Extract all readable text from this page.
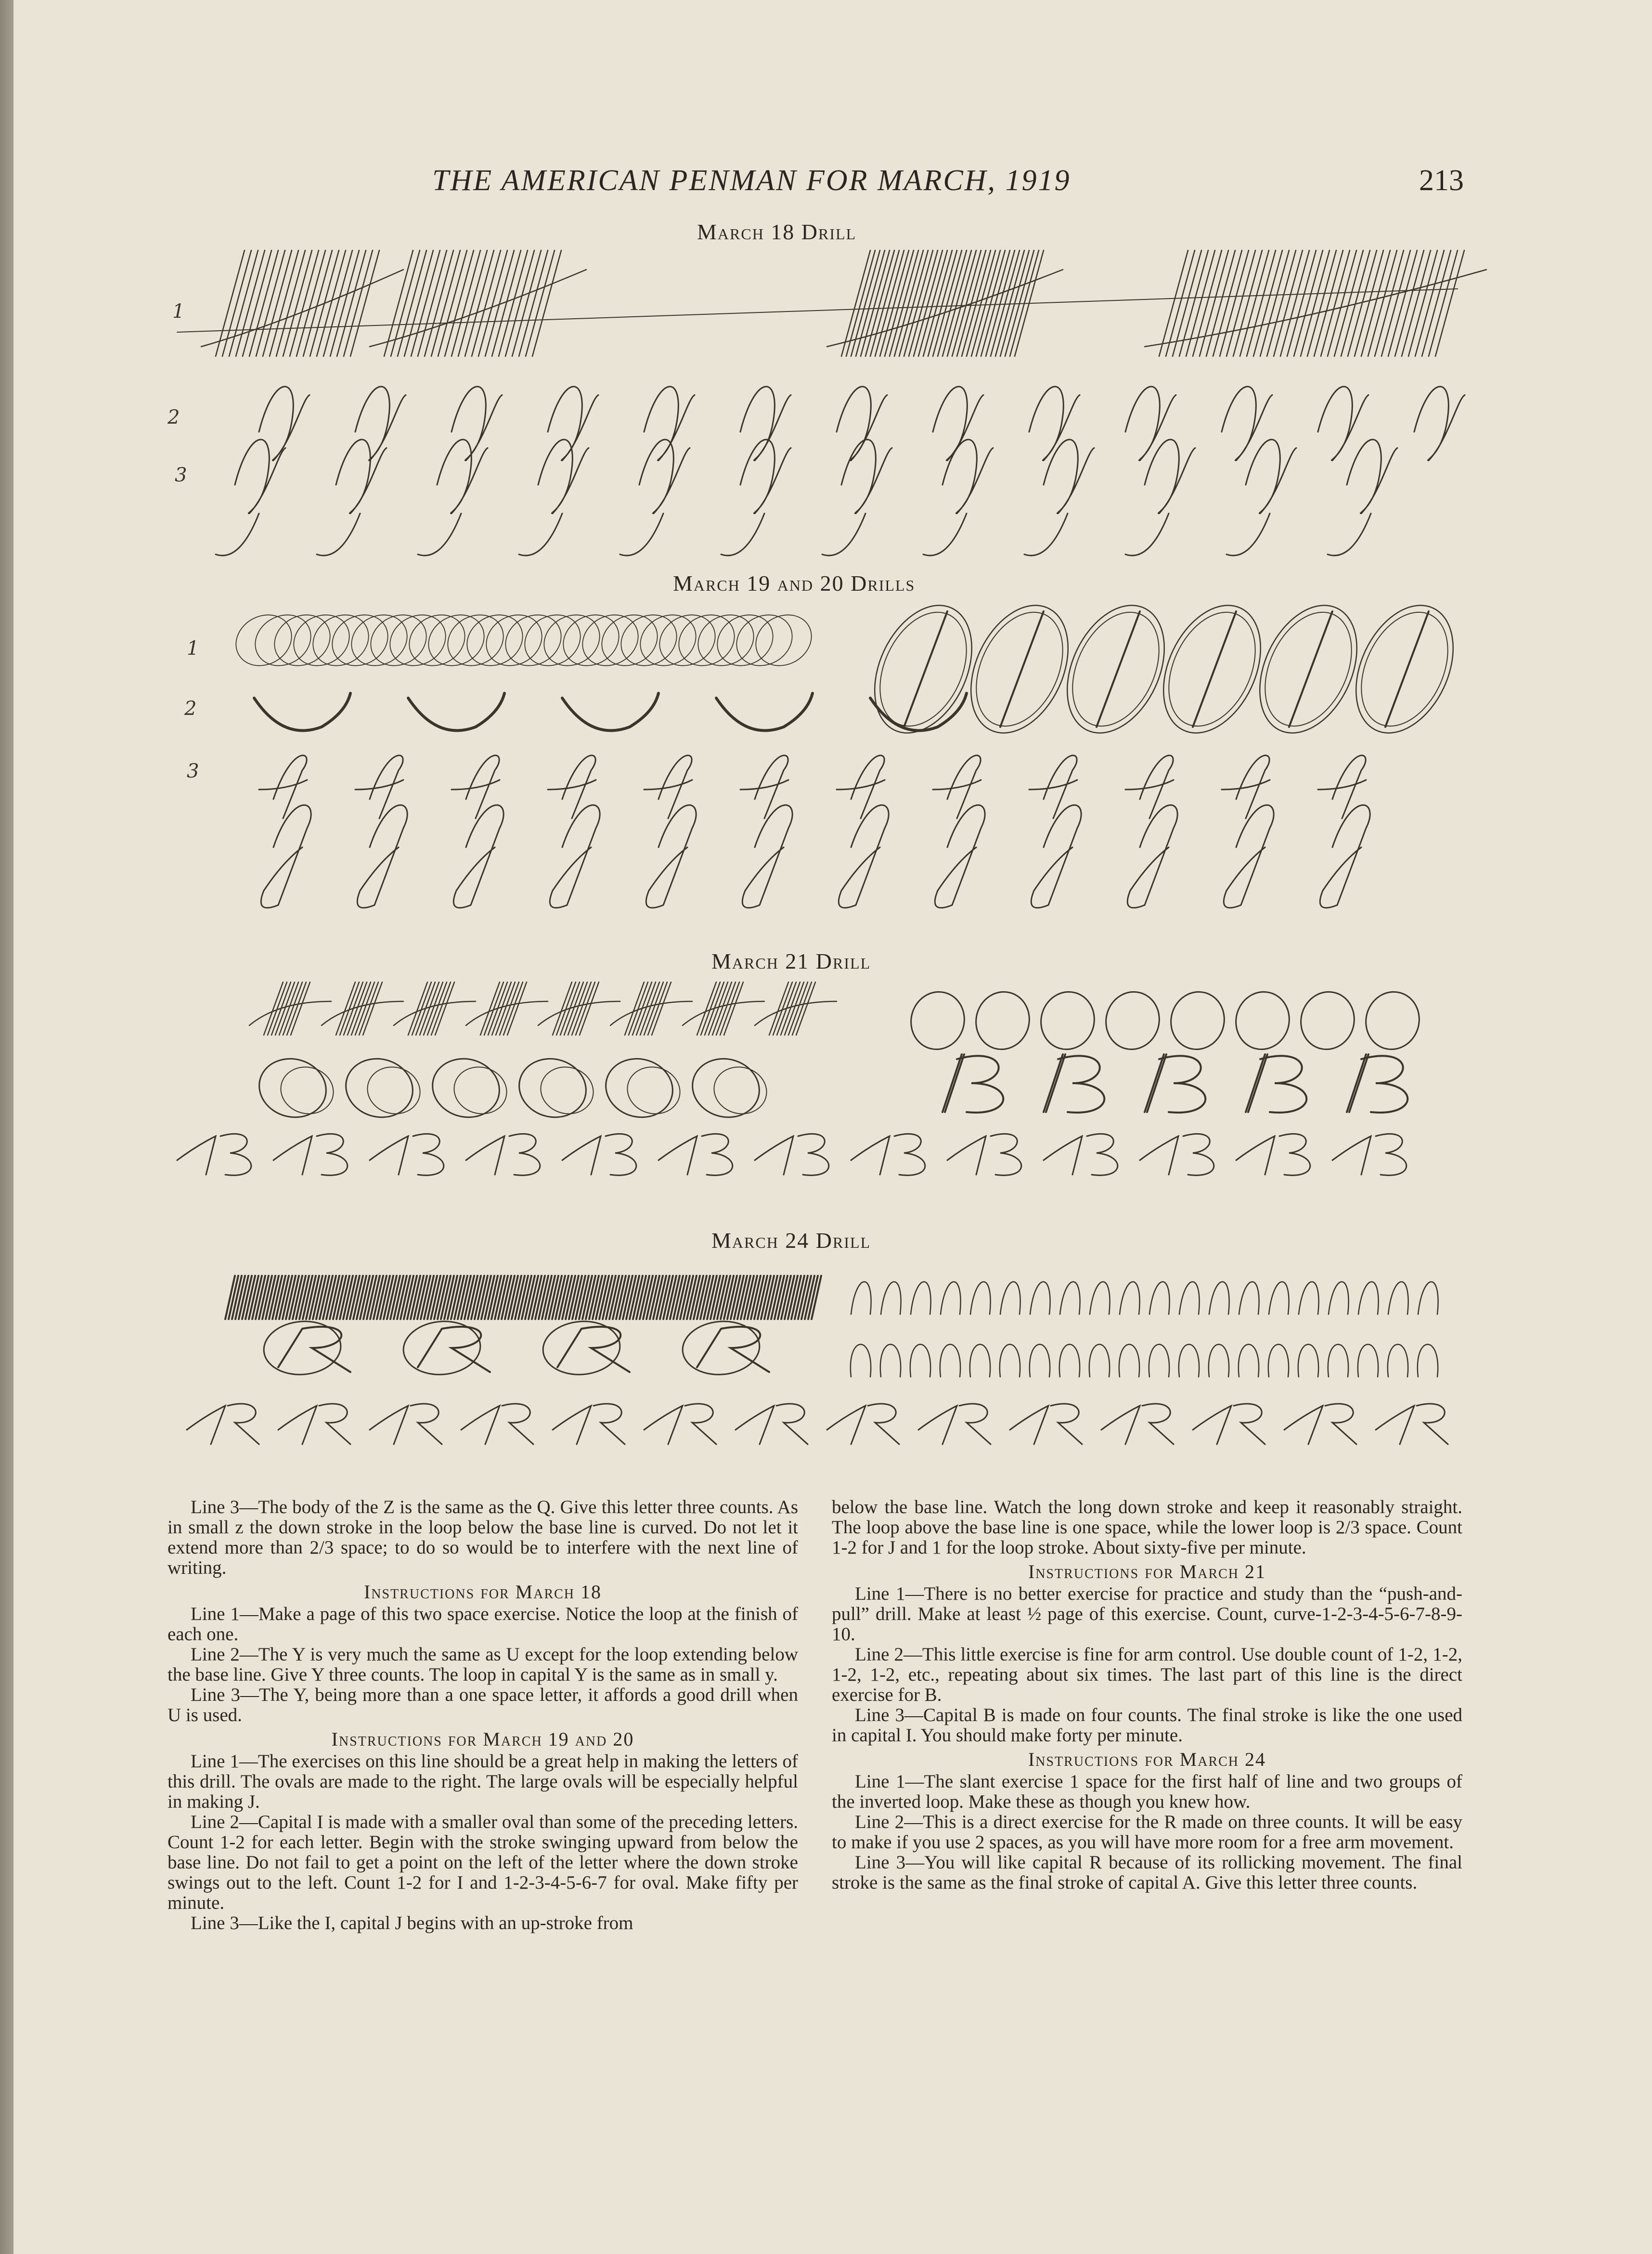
THE AMERICAN PENMAN FOR MARCH, 1919	213
March 18 Drill
March 19 and 20 Drills
March 21 Drill
March 24 Drill
1
2
3
1
2
3

Line 3—The body of the Z is the same as the Q. Give this letter three counts. As in small z the down stroke in the loop below the base line is curved. Do not let it extend more than 2/3 space; to do so would be to interfere with the next line of writing.

Instructions for March 18

Line 1—Make a page of this two space exercise. Notice the loop at the finish of each one.

Line 2—The Y is very much the same as U except for the loop extending below the base line. Give Y three counts. The loop in capital Y is the same as in small y.

Line 3—The Y, being more than a one space letter, it affords a good drill when U is used.

Instructions for March 19 and 20

Line 1—The exercises on this line should be a great help in making the letters of this drill. The ovals are made to the right. The large ovals will be especially helpful in making J.

Line 2—Capital I is made with a smaller oval than some of the preceding letters. Count 1-2 for each letter. Begin with the stroke swinging upward from below the base line. Do not fail to get a point on the left of the letter where the down stroke swings out to the left. Count 1-2 for I and 1-2-3-4-5-6-7 for oval. Make fifty per minute.

Line 3—Like the I, capital J begins with an up-stroke from

below the base line. Watch the long down stroke and keep it reasonably straight. The loop above the base line is one space, while the lower loop is 2/3 space. Count 1-2 for J and 1 for the loop stroke. About sixty-five per minute.

Instructions for March 21

Line 1—There is no better exercise for practice and study than the “push-and-pull” drill. Make at least ½ page of this exercise. Count, curve-1-2-3-4-5-6-7-8-9-10.

Line 2—This little exercise is fine for arm control. Use double count of 1-2, 1-2, 1-2, 1-2, etc., repeating about six times. The last part of this line is the direct exercise for B.

Line 3—Capital B is made on four counts. The final stroke is like the one used in capital I. You should make forty per minute.

Instructions for March 24

Line 1—The slant exercise 1 space for the first half of line and two groups of the inverted loop. Make these as though you knew how.

Line 2—This is a direct exercise for the R made on three counts. It will be easy to make if you use 2 spaces, as you will have more room for a free arm movement.

Line 3—You will like capital R because of its rollicking movement. The final stroke is the same as the final stroke of capital A. Give this letter three counts.
